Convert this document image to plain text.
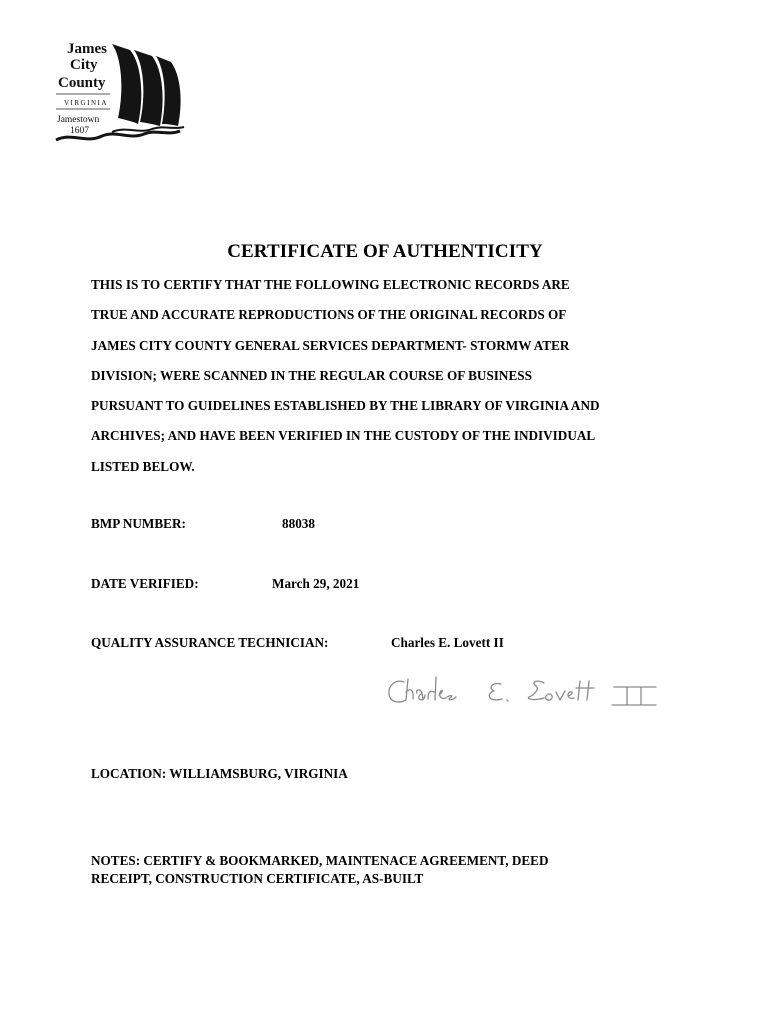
James
City
County
VIRGINIA
Jamestown
1607
CERTIFICATE OF AUTHENTICITY
THIS IS TO CERTIFY THAT THE FOLLOWING ELECTRONIC RECORDS ARE
TRUE AND ACCURATE REPRODUCTIONS OF THE ORIGINAL RECORDS OF
JAMES CITY COUNTY GENERAL SERVICES DEPARTMENT- STORMW ATER
DIVISION; WERE SCANNED IN THE REGULAR COURSE OF BUSINESS
PURSUANT TO GUIDELINES ESTABLISHED BY THE LIBRARY OF VIRGINIA AND
ARCHIVES; AND HAVE BEEN VERIFIED IN THE CUSTODY OF THE INDIVIDUAL
LISTED BELOW.
BMP NUMBER:	88038
DATE VERIFIED:	March 29, 2021
QUALITY ASSURANCE TECHNICIAN:	Charles E. Lovett II
LOCATION: WILLIAMSBURG, VIRGINIA
NOTES: CERTIFY & BOOKMARKED, MAINTENACE AGREEMENT, DEED
RECEIPT, CONSTRUCTION CERTIFICATE, AS-BUILT
